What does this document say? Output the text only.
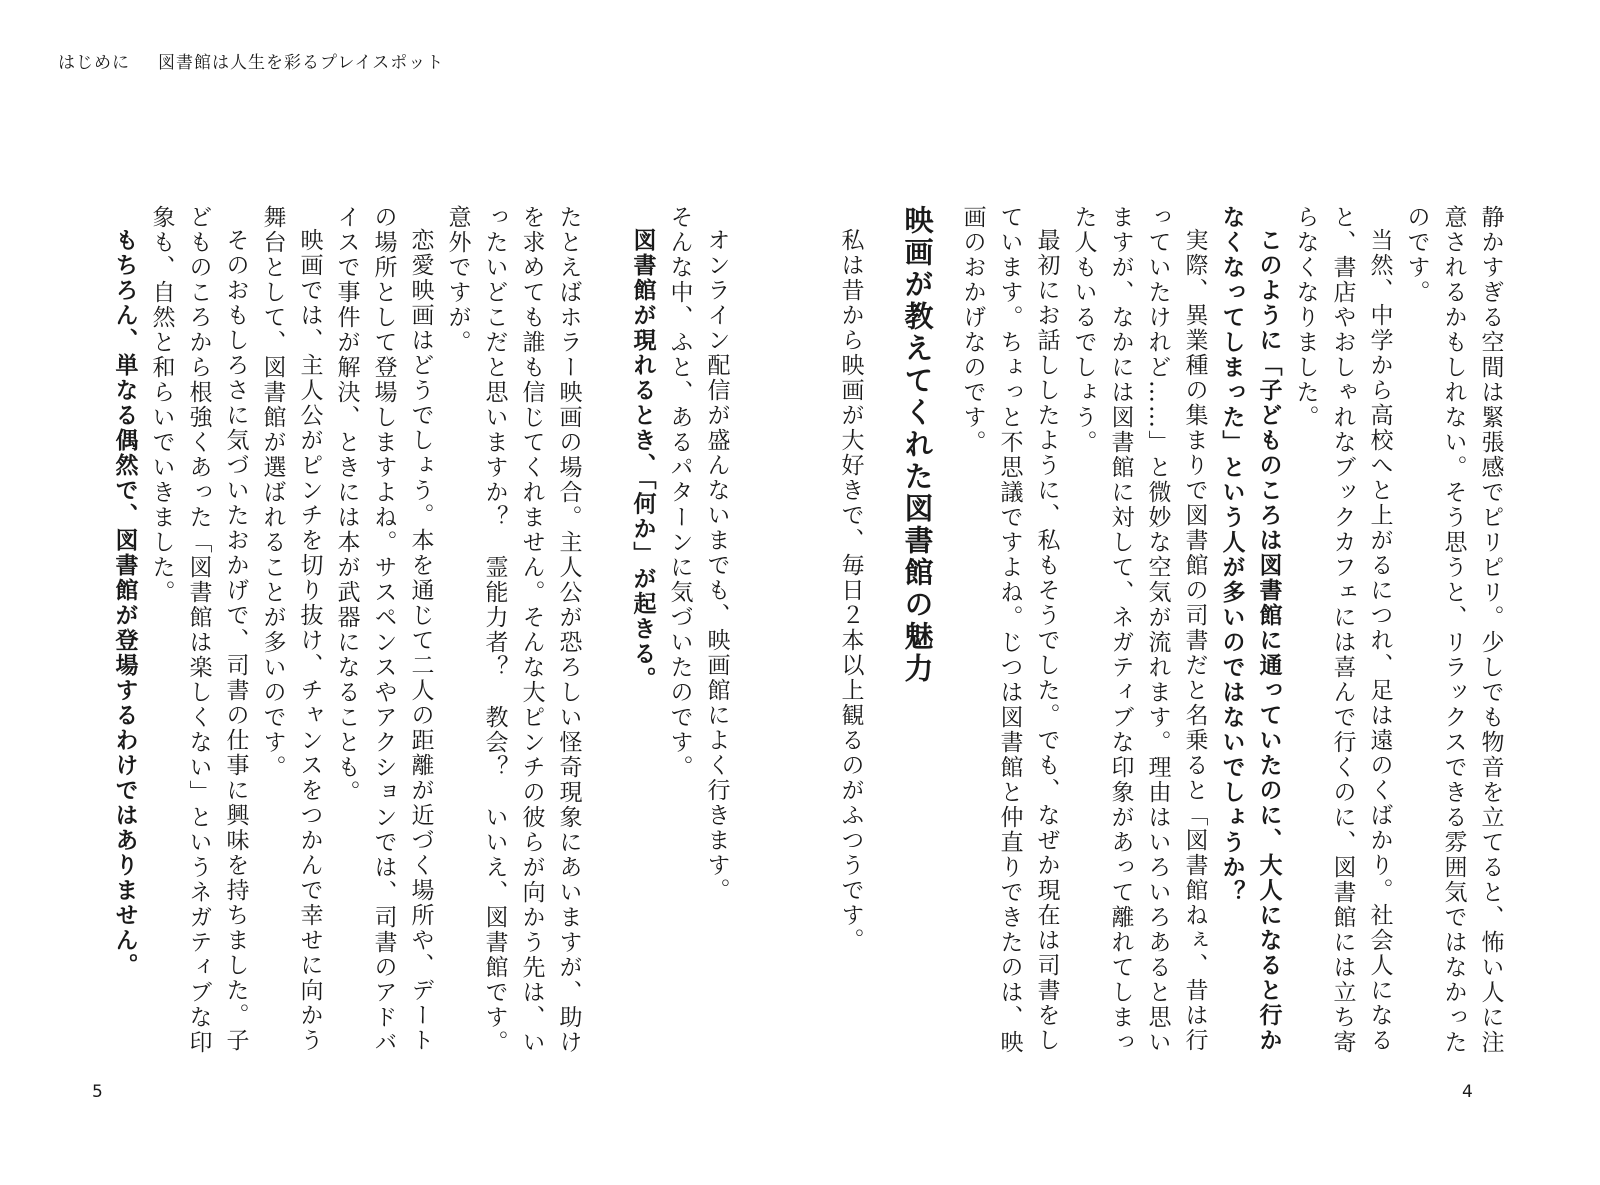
はじめに 図書館は人生を彩るプレイスポット

静かすぎる空間は緊張感でピリピリ。少しでも物音を立てると、怖い人に注意されるかもしれない。そう思うと、リラックスできる雰囲気ではなかったのです。

当然、中学から高校へと上がるにつれ、足は遠のくばかり。社会人になると、書店やおしゃれなブックカフェには喜んで行くのに、図書館には立ち寄らなくなりました。

このように「子どものころは図書館に通っていたのに、大人になると行かなくなってしまった」という人が多いのではないでしょうか？

実際、異業種の集まりで図書館の司書だと名乗ると「図書館ねぇ、昔は行っていたけれど……」と微妙な空気が流れます。理由はいろいろあると思いますが、なかには図書館に対して、ネガティブな印象があって離れてしまった人もいるでしょう。

最初にお話ししたように、私もそうでした。でも、なぜか現在は司書をしています。ちょっと不思議ですよね。じつは図書館と仲直りできたのは、映画のおかげなのです。

映画が教えてくれた図書館の魅力

私は昔から映画が大好きで、毎日２本以上観るのがふつうです。

オンライン配信が盛んないまでも、映画館によく行きます。

そんな中、ふと、あるパターンに気づいたのです。

図書館が現れるとき、「何か」が起きる。

たとえばホラー映画の場合。主人公が恐ろしい怪奇現象にあいますが、助けを求めても誰も信じてくれません。そんな大ピンチの彼らが向かう先は、いったいどこだと思いますか？　霊能力者？　教会？　いいえ、図書館です。意外ですが。

恋愛映画はどうでしょう。本を通じて二人の距離が近づく場所や、デートの場所として登場しますよね。サスペンスやアクションでは、司書のアドバイスで事件が解決、ときには本が武器になることも。

映画では、主人公がピンチを切り抜け、チャンスをつかんで幸せに向かう舞台として、図書館が選ばれることが多いのです。

そのおもしろさに気づいたおかげで、司書の仕事に興味を持ちました。子どものころから根強くあった「図書館は楽しくない」というネガティブな印象も、自然と和らいでいきました。

もちろん、単なる偶然で、図書館が登場するわけではありません。

5	4
